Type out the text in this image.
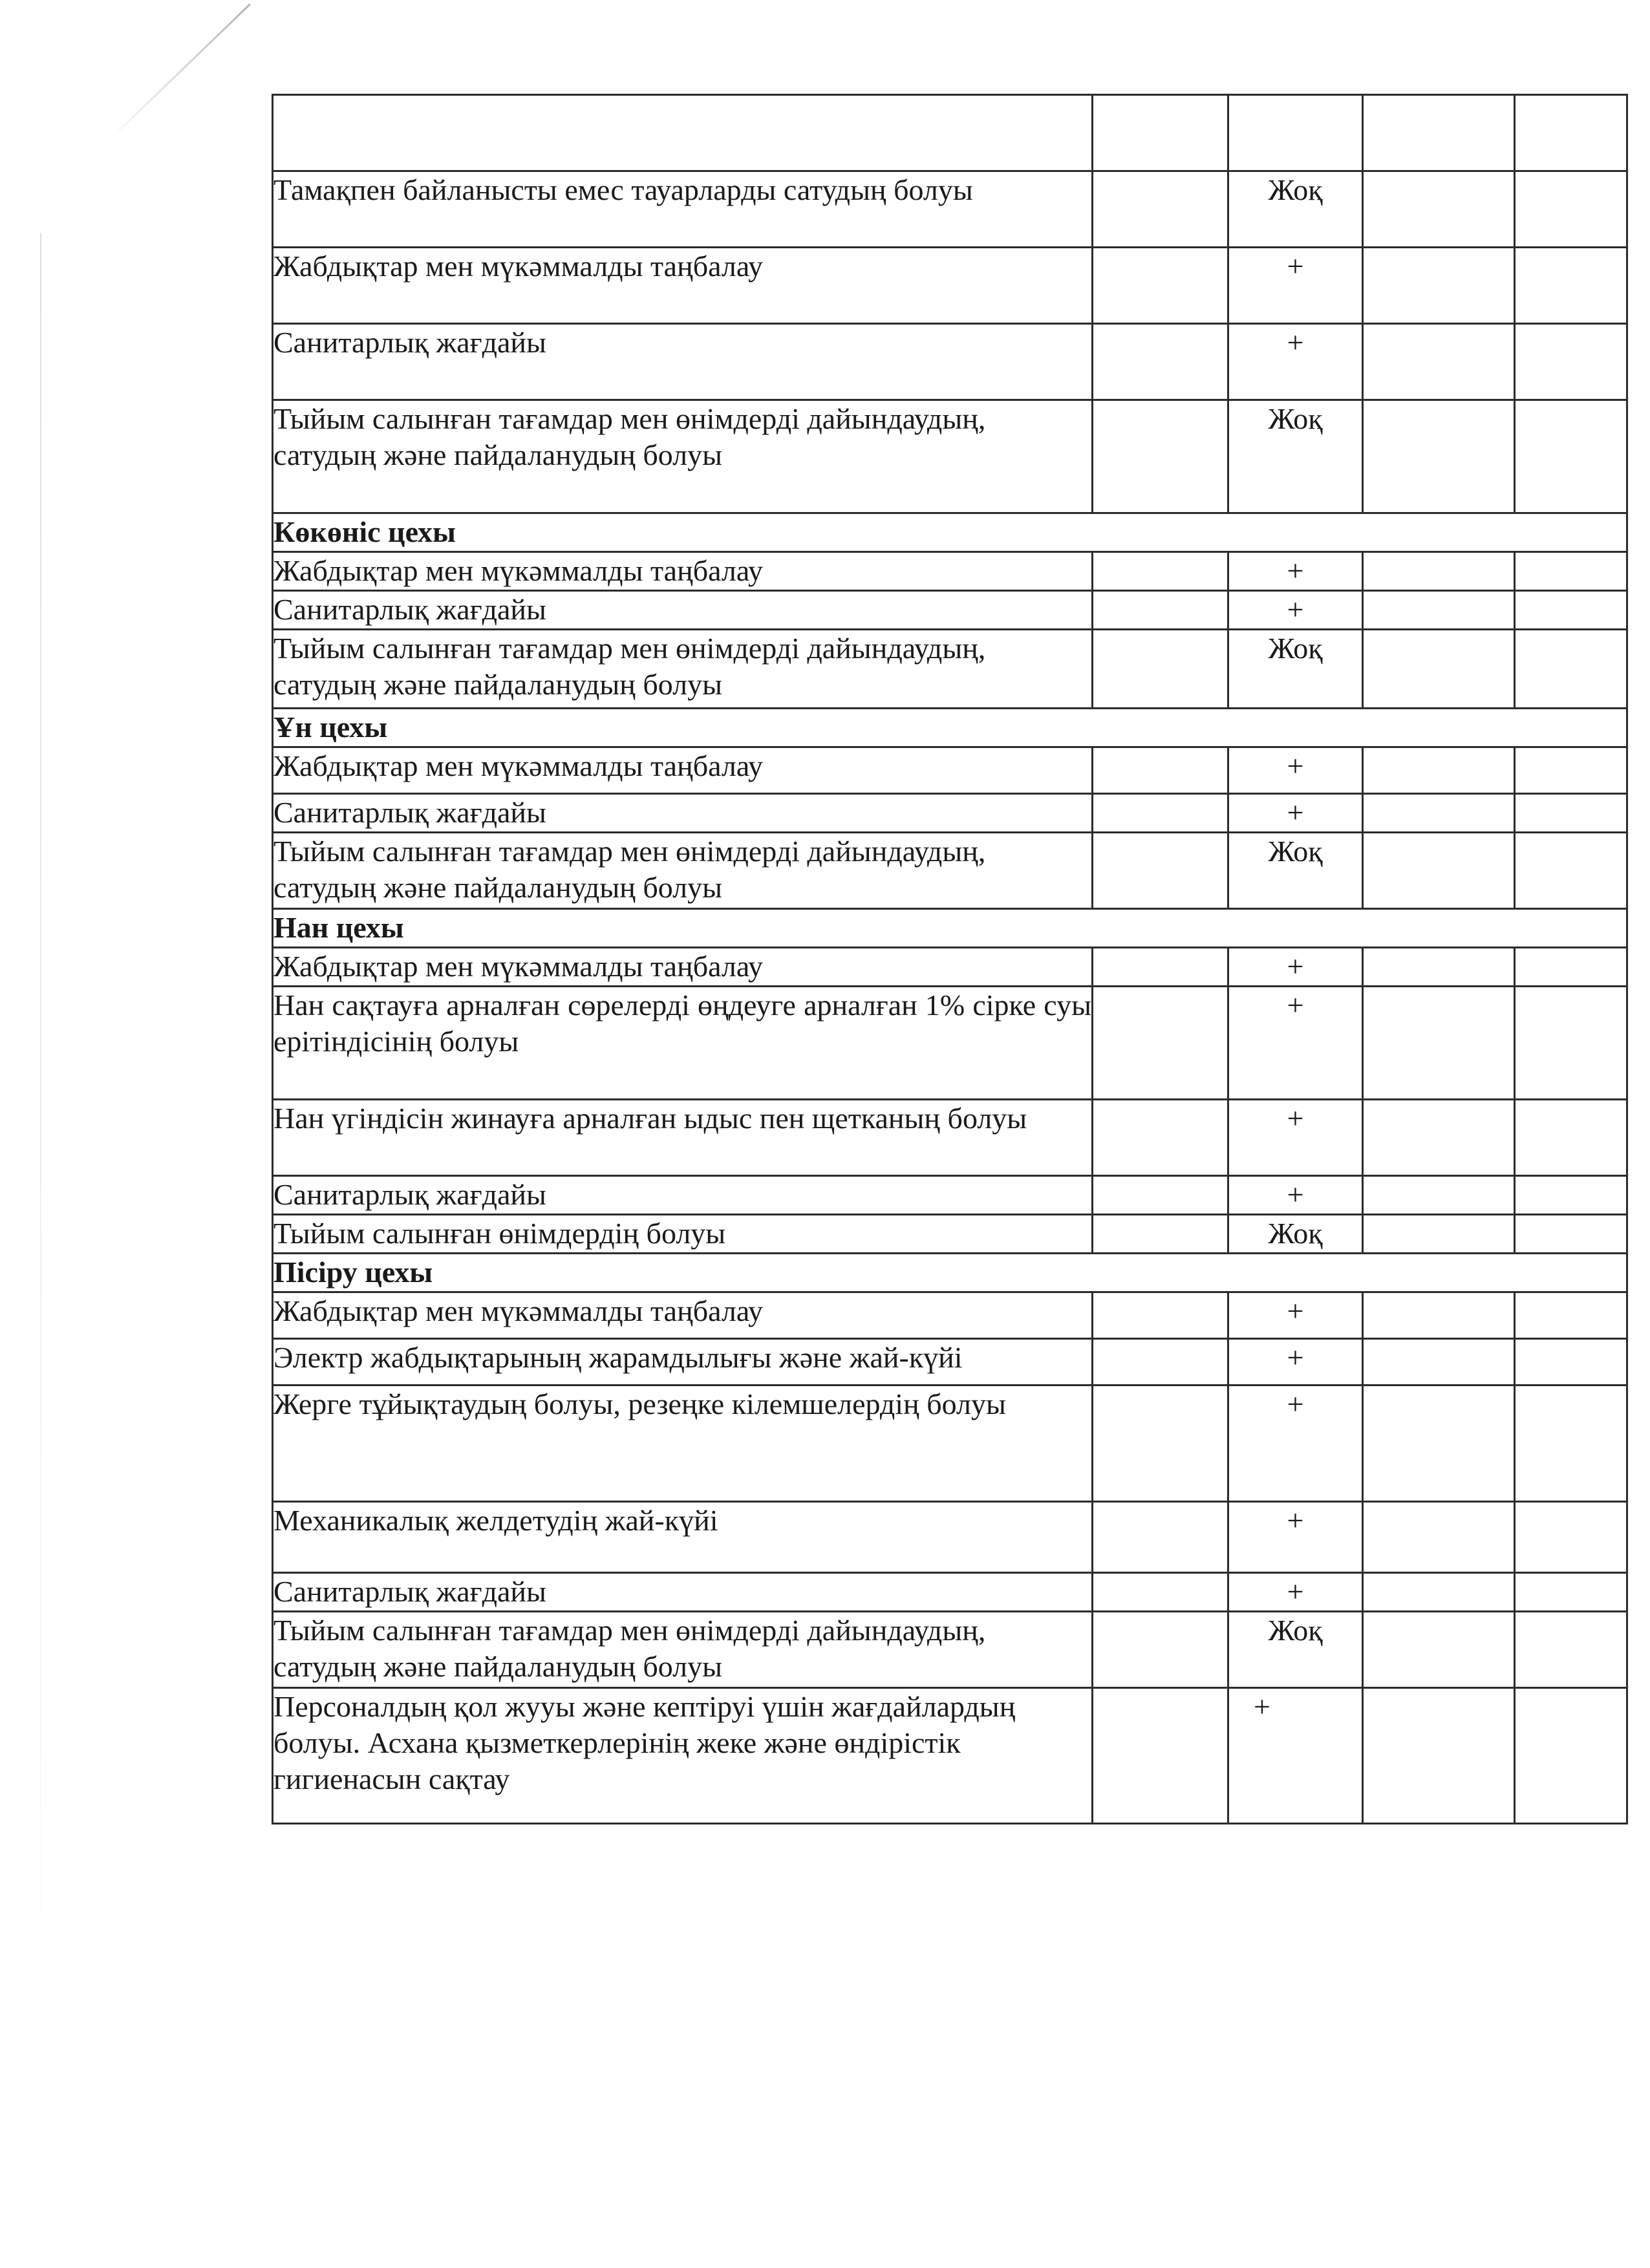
Тамақпен байланысты емес тауарларды сатудың болуы		Жоқ		
Жабдықтар мен мүкәммалды таңбалау		+		
Санитарлық жағдайы		+		
Тыйым салынған тағамдар мен өнімдерді дайындаудың, сатудың және пайдаланудың болуы		Жоқ		
Көкөніс цехы				
Жабдықтар мен мүкәммалды таңбалау		+		
Санитарлық жағдайы		+		
Тыйым салынған тағамдар мен өнімдерді дайындаудың, сатудың және пайдаланудың болуы		Жоқ		
Ұн цехы				
Жабдықтар мен мүкәммалды таңбалау		+		
Санитарлық жағдайы		+		
Тыйым салынған тағамдар мен өнімдерді дайындаудың, сатудың және пайдаланудың болуы		Жоқ		
Нан цехы				
Жабдықтар мен мүкәммалды таңбалау		+		
Нан сақтауға арналған сөрелерді өңдеуге арналған 1% сірке суы ерітіндісінің болуы		+		
Нан үгіндісін жинауға арналған ыдыс пен щетканың болуы		+		
Санитарлық жағдайы		+		
Тыйым салынған өнімдердің болуы		Жоқ		
Пісіру цехы				
Жабдықтар мен мүкәммалды таңбалау		+		
Электр жабдықтарының жарамдылығы және жай-күйі		+		
Жерге тұйықтаудың болуы, резеңке кілемшелердің болуы		+		
Механикалық желдетудің жай-күйі		+		
Санитарлық жағдайы		+		
Тыйым салынған тағамдар мен өнімдерді дайындаудың, сатудың және пайдаланудың болуы		Жоқ		
Персоналдың қол жууы және кептіруі үшін жағдайлардың болуы. Асхана қызметкерлерінің жеке және өндірістік гигиенасын сақтау		+		
